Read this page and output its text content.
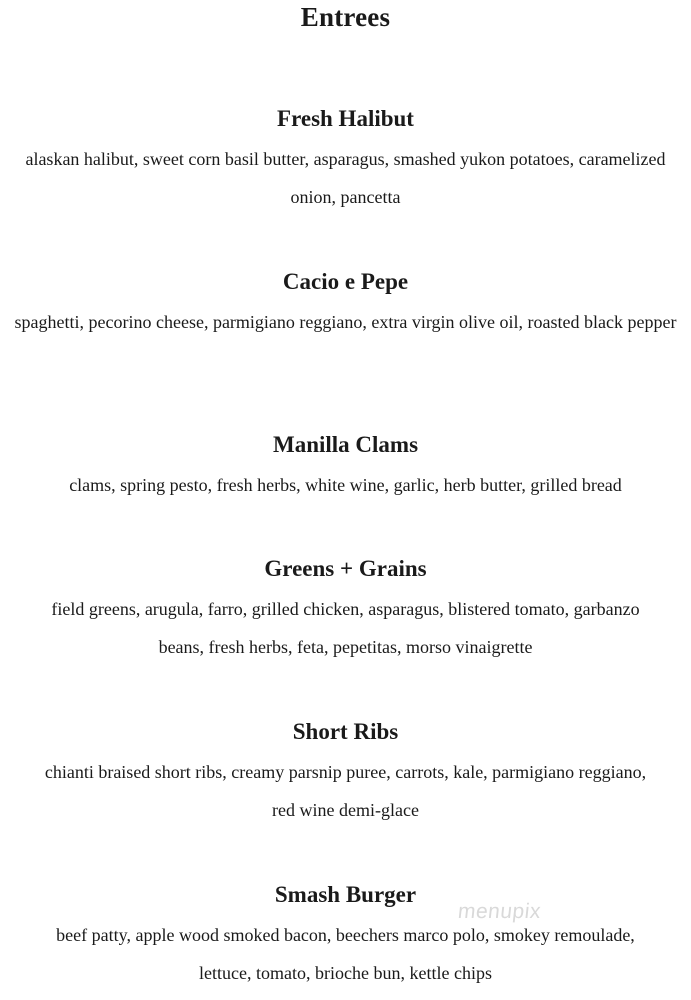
Entrees
Fresh Halibut
alaskan halibut, sweet corn basil butter, asparagus, smashed yukon potatoes, caramelized onion, pancetta
Cacio e Pepe
spaghetti, pecorino cheese, parmigiano reggiano, extra virgin olive oil, roasted black pepper
Manilla Clams
clams, spring pesto, fresh herbs, white wine, garlic, herb butter, grilled bread
Greens + Grains
field greens, arugula, farro, grilled chicken, asparagus, blistered tomato, garbanzo beans, fresh herbs, feta, pepetitas, morso vinaigrette
Short Ribs
chianti braised short ribs, creamy parsnip puree, carrots, kale, parmigiano reggiano, red wine demi-glace
Smash Burger
beef patty, apple wood smoked bacon, beechers marco polo, smokey remoulade, lettuce, tomato, brioche bun, kettle chips
menupix
